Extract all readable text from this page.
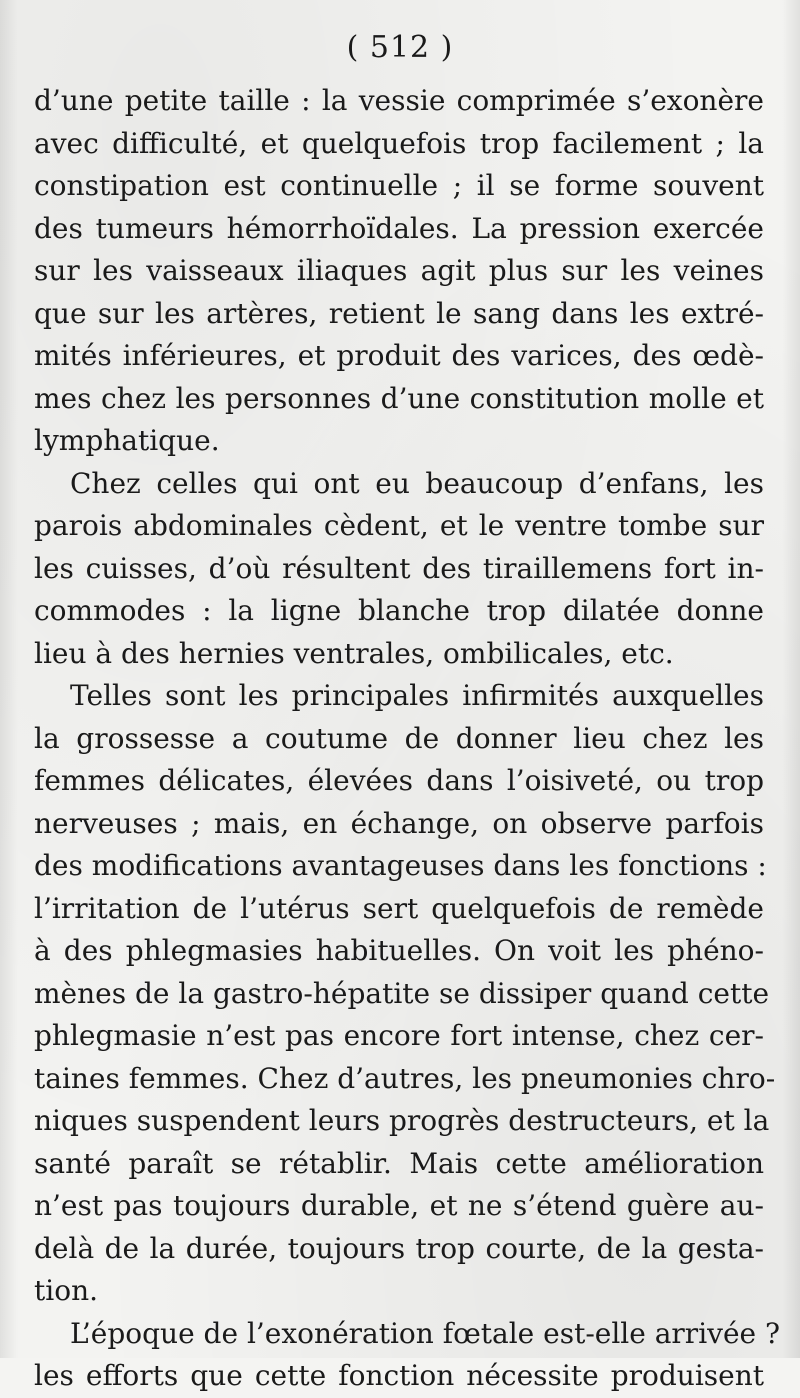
( 512 )
d’une petite taille : la vessie comprimée s’exonère
avec difficulté, et quelquefois trop facilement ; la
constipation est continuelle ; il se forme souvent
des tumeurs hémorrhoïdales. La pression exercée
sur les vaisseaux iliaques agit plus sur les veines
que sur les artères, retient le sang dans les extré-
mités inférieures, et produit des varices, des œdè-
mes chez les personnes d’une constitution molle et
lymphatique.
Chez celles qui ont eu beaucoup d’enfans, les
parois abdominales cèdent, et le ventre tombe sur
les cuisses, d’où résultent des tiraillemens fort in-
commodes : la ligne blanche trop dilatée donne
lieu à des hernies ventrales, ombilicales, etc.
Telles sont les principales infirmités auxquelles
la grossesse a coutume de donner lieu chez les
femmes délicates, élevées dans l’oisiveté, ou trop
nerveuses ; mais, en échange, on observe parfois
des modifications avantageuses dans les fonctions :
l’irritation de l’utérus sert quelquefois de remède
à des phlegmasies habituelles. On voit les phéno-
mènes de la gastro-hépatite se dissiper quand cette
phlegmasie n’est pas encore fort intense, chez cer-
taines femmes. Chez d’autres, les pneumonies chro-
niques suspendent leurs progrès destructeurs, et la
santé paraît se rétablir. Mais cette amélioration
n’est pas toujours durable, et ne s’étend guère au-
delà de la durée, toujours trop courte, de la gesta-
tion.
L’époque de l’exonération fœtale est-elle arrivée ?
les efforts que cette fonction nécessite produisent
